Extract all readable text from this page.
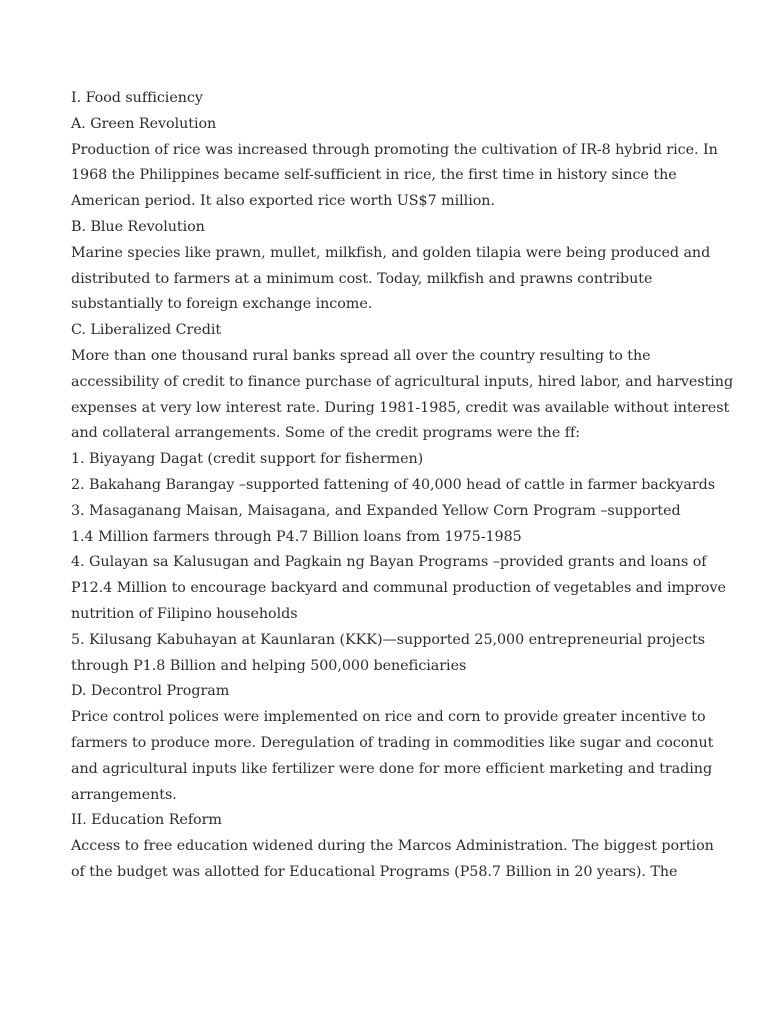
I. Food sufficiency
A. Green Revolution
Production of rice was increased through promoting the cultivation of IR-8 hybrid rice. In
1968 the Philippines became self-sufficient in rice, the first time in history since the
American period. It also exported rice worth US$7 million.
B. Blue Revolution
Marine species like prawn, mullet, milkfish, and golden tilapia were being produced and
distributed to farmers at a minimum cost. Today, milkfish and prawns contribute
substantially to foreign exchange income.
C. Liberalized Credit
More than one thousand rural banks spread all over the country resulting to the
accessibility of credit to finance purchase of agricultural inputs, hired labor, and harvesting
expenses at very low interest rate. During 1981-1985, credit was available without interest
and collateral arrangements. Some of the credit programs were the ff:
1. Biyayang Dagat (credit support for fishermen)
2. Bakahang Barangay –supported fattening of 40,000 head of cattle in farmer backyards
3. Masaganang Maisan, Maisagana, and Expanded Yellow Corn Program –supported
1.4 Million farmers through P4.7 Billion loans from 1975-1985
4. Gulayan sa Kalusugan and Pagkain ng Bayan Programs –provided grants and loans of
P12.4 Million to encourage backyard and communal production of vegetables and improve
nutrition of Filipino households
5. Kilusang Kabuhayan at Kaunlaran (KKK)—supported 25,000 entrepreneurial projects
through P1.8 Billion and helping 500,000 beneficiaries
D. Decontrol Program
Price control polices were implemented on rice and corn to provide greater incentive to
farmers to produce more. Deregulation of trading in commodities like sugar and coconut
and agricultural inputs like fertilizer were done for more efficient marketing and trading
arrangements.
II. Education Reform
Access to free education widened during the Marcos Administration. The biggest portion
of the budget was allotted for Educational Programs (P58.7 Billion in 20 years). The
